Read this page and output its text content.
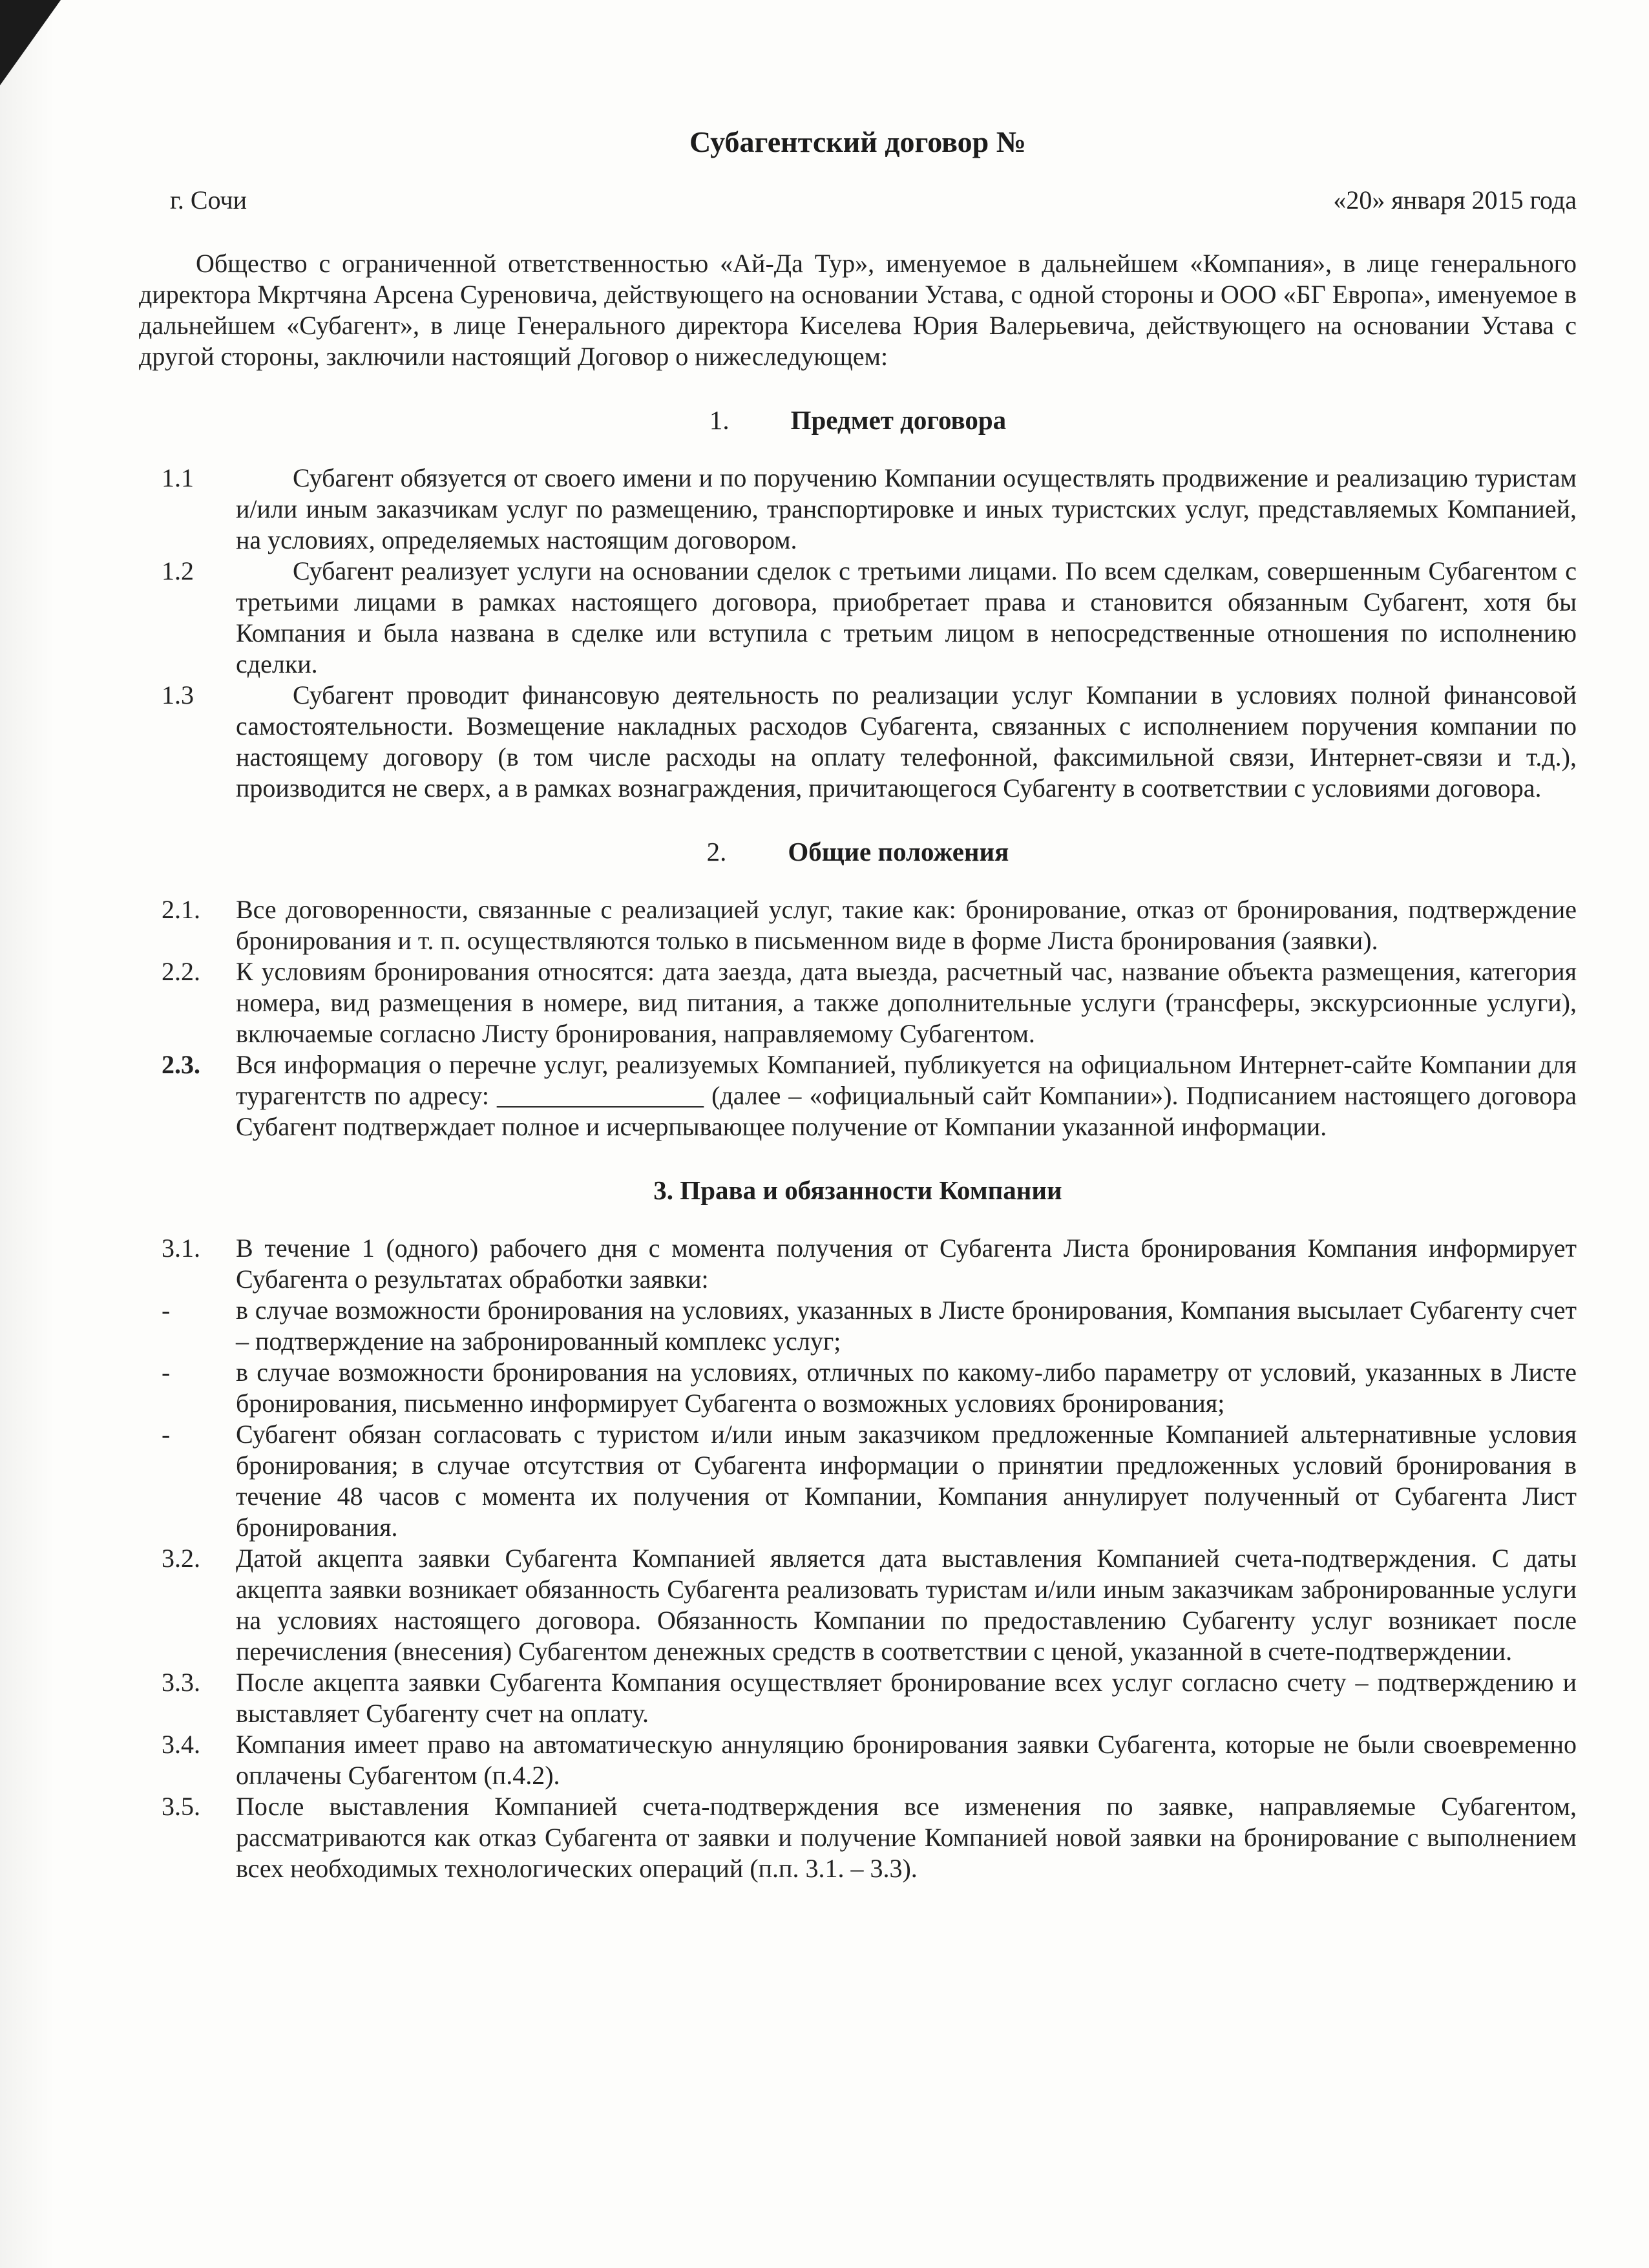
Субагентский договор №
г. Сочи	«20» января 2015 года

Общество с ограниченной ответственностью «Ай-Да Тур», именуемое в дальнейшем «Компания», в лице генерального директора Мкртчяна Арсена Суреновича, действующего на основании Устава, с одной стороны и ООО «БГ Европа», именуемое в дальнейшем «Субагент», в лице Генерального директора Киселева Юрия Валерьевича, действующего на основании Устава с другой стороны, заключили настоящий Договор о нижеследующем:

1. Предмет договора
1.1	Субагент обязуется от своего имени и по поручению Компании осуществлять продвижение и реализацию туристам и/или иным заказчикам услуг по размещению, транспортировке и иных туристских услуг, представляемых Компанией, на условиях, определяемых настоящим договором.
1.2	Субагент реализует услуги на основании сделок с третьими лицами. По всем сделкам, совершенным Субагентом с третьими лицами в рамках настоящего договора, приобретает права и становится обязанным Субагент, хотя бы Компания и была названа в сделке или вступила с третьим лицом в непосредственные отношения по исполнению сделки.
1.3	Субагент проводит финансовую деятельность по реализации услуг Компании в условиях полной финансовой самостоятельности. Возмещение накладных расходов Субагента, связанных с исполнением поручения компании по настоящему договору (в том числе расходы на оплату телефонной, факсимильной связи, Интернет-связи и т.д.), производится не сверх, а в рамках вознаграждения, причитающегося Субагенту в соответствии с условиями договора.
2. Общие положения
2.1.	Все договоренности, связанные с реализацией услуг, такие как: бронирование, отказ от бронирования, подтверждение бронирования и т. п. осуществляются только в письменном виде в форме Листа бронирования (заявки).
2.2.	К условиям бронирования относятся: дата заезда, дата выезда, расчетный час, название объекта размещения, категория номера, вид размещения в номере, вид питания, а также дополнительные услуги (трансферы, экскурсионные услуги), включаемые согласно Листу бронирования, направляемому Субагентом.
2.3.	Вся информация о перечне услуг, реализуемых Компанией, публикуется на официальном Интернет-сайте Компании для турагентств по адресу: ________________ (далее – «официальный сайт Компании»). Подписанием настоящего договора Субагент подтверждает полное и исчерпывающее получение от Компании указанной информации.
3. Права и обязанности Компании
3.1.	В течение 1 (одного) рабочего дня с момента получения от Субагента Листа бронирования Компания информирует Субагента о результатах обработки заявки:
-	в случае возможности бронирования на условиях, указанных в Листе бронирования, Компания высылает Субагенту счет – подтверждение на забронированный комплекс услуг;
-	в случае возможности бронирования на условиях, отличных по какому-либо параметру от условий, указанных в Листе бронирования, письменно информирует Субагента о возможных условиях бронирования;
-	Субагент обязан согласовать с туристом и/или иным заказчиком предложенные Компанией альтернативные условия бронирования; в случае отсутствия от Субагента информации о принятии предложенных условий бронирования в течение 48 часов с момента их получения от Компании, Компания аннулирует полученный от Субагента Лист бронирования.
3.2.	Датой акцепта заявки Субагента Компанией является дата выставления Компанией счета-подтверждения. С даты акцепта заявки возникает обязанность Субагента реализовать туристам и/или иным заказчикам забронированные услуги на условиях настоящего договора. Обязанность Компании по предоставлению Субагенту услуг возникает после перечисления (внесения) Субагентом денежных средств в соответствии с ценой, указанной в счете-подтверждении.
3.3.	После акцепта заявки Субагента Компания осуществляет бронирование всех услуг согласно счету – подтверждению и выставляет Субагенту счет на оплату.
3.4.	Компания имеет право на автоматическую аннуляцию бронирования заявки Субагента, которые не были своевременно оплачены Субагентом (п.4.2).
3.5.	После выставления Компанией счета-подтверждения все изменения по заявке, направляемые Субагентом, рассматриваются как отказ Субагента от заявки и получение Компанией новой заявки на бронирование с выполнением всех необходимых технологических операций (п.п. 3.1. – 3.3).
